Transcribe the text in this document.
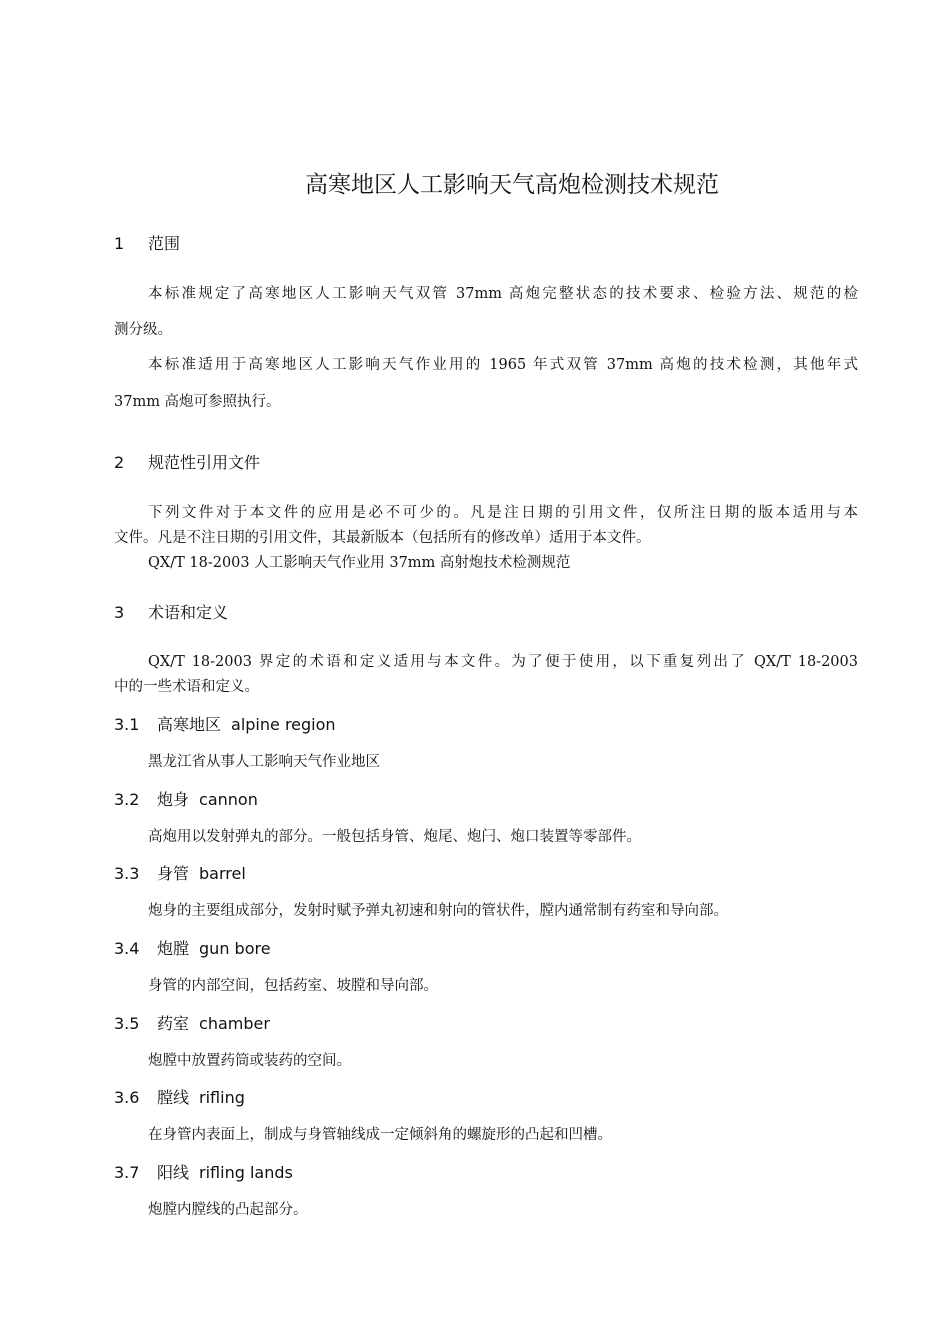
高寒地区人工影响天气高炮检测技术规范
1 范围
本标准规定了高寒地区人工影响天气双管 37mm 高炮完整状态的技术要求、检验方法、规范的检
测分级。
本标准适用于高寒地区人工影响天气作业用的 1965 年式双管 37mm 高炮的技术检测，其他年式
37mm 高炮可参照执行。
2 规范性引用文件
下列文件对于本文件的应用是必不可少的。凡是注日期的引用文件，仅所注日期的版本适用与本
文件。凡是不注日期的引用文件，其最新版本（包括所有的修改单）适用于本文件。
QX/T 18-2003 人工影响天气作业用 37mm 高射炮技术检测规范
3 术语和定义
QX/T 18-2003 界定的术语和定义适用与本文件。为了便于使用，以下重复列出了 QX/T 18-2003
中的一些术语和定义。
3.1 高寒地区 alpine region
黑龙江省从事人工影响天气作业地区
3.2 炮身 cannon
高炮用以发射弹丸的部分。一般包括身管、炮尾、炮闩、炮口装置等零部件。
3.3 身管 barrel
炮身的主要组成部分，发射时赋予弹丸初速和射向的管状件，膛内通常制有药室和导向部。
3.4 炮膛 gun bore
身管的内部空间，包括药室、坡膛和导向部。
3.5 药室 chamber
炮膛中放置药筒或装药的空间。
3.6 膛线 rifling
在身管内表面上，制成与身管轴线成一定倾斜角的螺旋形的凸起和凹槽。
3.7 阳线 rifling lands
炮膛内膛线的凸起部分。
